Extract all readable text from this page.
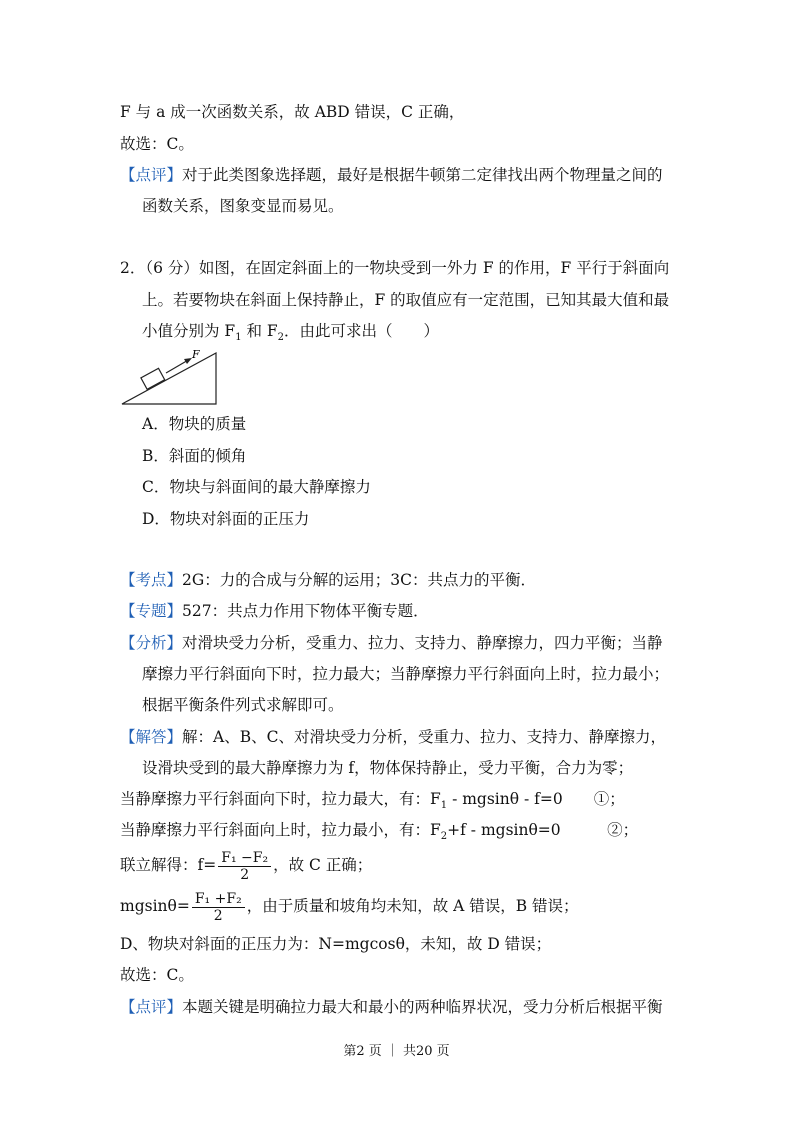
F 与 a 成一次函数关系，故 ABD 错误，C 正确，
故选：C。
【点评】对于此类图象选择题，最好是根据牛顿第二定律找出两个物理量之间的
函数关系，图象变显而易见。
2．（6 分）如图，在固定斜面上的一物块受到一外力 F 的作用，F 平行于斜面向
上。若要物块在斜面上保持静止，F 的取值应有一定范围，已知其最大值和最
小值分别为 $F_1$ 和 $F_2$．由此可求出（　　）
F
A．物块的质量
B．斜面的倾角
C．物块与斜面间的最大静摩擦力
D．物块对斜面的正压力
【考点】2G：力的合成与分解的运用；3C：共点力的平衡．
【专题】527：共点力作用下物体平衡专题．
【分析】对滑块受力分析，受重力、拉力、支持力、静摩擦力，四力平衡；当静
摩擦力平行斜面向下时，拉力最大；当静摩擦力平行斜面向上时，拉力最小；
根据平衡条件列式求解即可。
【解答】解：A、B、C、对滑块受力分析，受重力、拉力、支持力、静摩擦力，
设滑块受到的最大静摩擦力为 f，物体保持静止，受力平衡，合力为零；
当静摩擦力平行斜面向下时，拉力最大，有：$F_1 - mgsin\theta - f=0$　　①；
当静摩擦力平行斜面向上时，拉力最小，有：$F_2+f - mgsin\theta=0$　　　②；
联立解得：$f= \frac{\text{F₁ −F₂}}{2}$ ，故 C 正确；
$mgsin\theta= \frac{\text{F₁ +F₂}}{2}$ ，由于质量和坡角均未知，故 A 错误，B 错误；
D、物块对斜面的正压力为：N=mgcosθ，未知，故 D 错误；
故选：C。
【点评】本题关键是明确拉力最大和最小的两种临界状况，受力分析后根据平衡
第2 页 ｜ 共20 页
